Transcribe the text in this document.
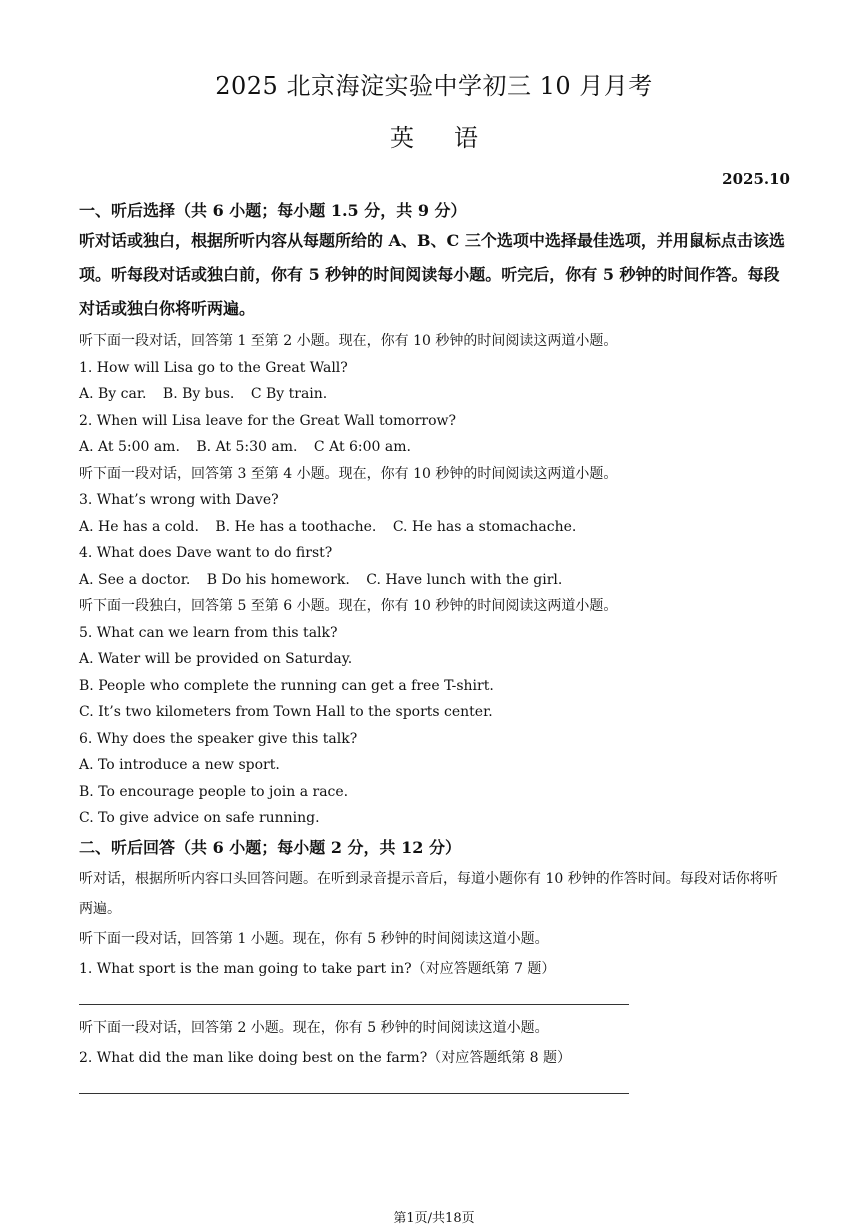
2025 北京海淀实验中学初三 10 月月考
英语
2025.10

一、听后选择（共 6 小题；每小题 1.5 分，共 9 分）

听对话或独白，根据所听内容从每题所给的 A、B、C 三个选项中选择最佳选项，并用鼠标点击该选项。听每段对话或独白前，你有 5 秒钟的时间阅读每小题。听完后，你有 5 秒钟的时间作答。每段对话或独白你将听两遍。

听下面一段对话，回答第 1 至第 2 小题。现在，你有 10 秒钟的时间阅读这两道小题。

1. How will Lisa go to the Great Wall?

A. By car. B. By bus. C By train.

2. When will Lisa leave for the Great Wall tomorrow?

A. At 5:00 am. B. At 5:30 am. C At 6:00 am.

听下面一段对话，回答第 3 至第 4 小题。现在，你有 10 秒钟的时间阅读这两道小题。

3. What’s wrong with Dave?

A. He has a cold. B. He has a toothache. C. He has a stomachache.

4. What does Dave want to do first?

A. See a doctor. B Do his homework. C. Have lunch with the girl.

听下面一段独白，回答第 5 至第 6 小题。现在，你有 10 秒钟的时间阅读这两道小题。

5. What can we learn from this talk?

A. Water will be provided on Saturday.

B. People who complete the running can get a free T-shirt.

C. It’s two kilometers from Town Hall to the sports center.

6. Why does the speaker give this talk?

A. To introduce a new sport.

B. To encourage people to join a race.

C. To give advice on safe running.

二、听后回答（共 6 小题；每小题 2 分，共 12 分）

听对话，根据所听内容口头回答问题。在听到录音提示音后，每道小题你有 10 秒钟的作答时间。每段对话你将听两遍。

听下面一段对话，回答第 1 小题。现在，你有 5 秒钟的时间阅读这道小题。

1. What sport is the man going to take part in?（对应答题纸第 7 题）

听下面一段对话，回答第 2 小题。现在，你有 5 秒钟的时间阅读这道小题。

2. What did the man like doing best on the farm?（对应答题纸第 8 题）

第1页/共18页
